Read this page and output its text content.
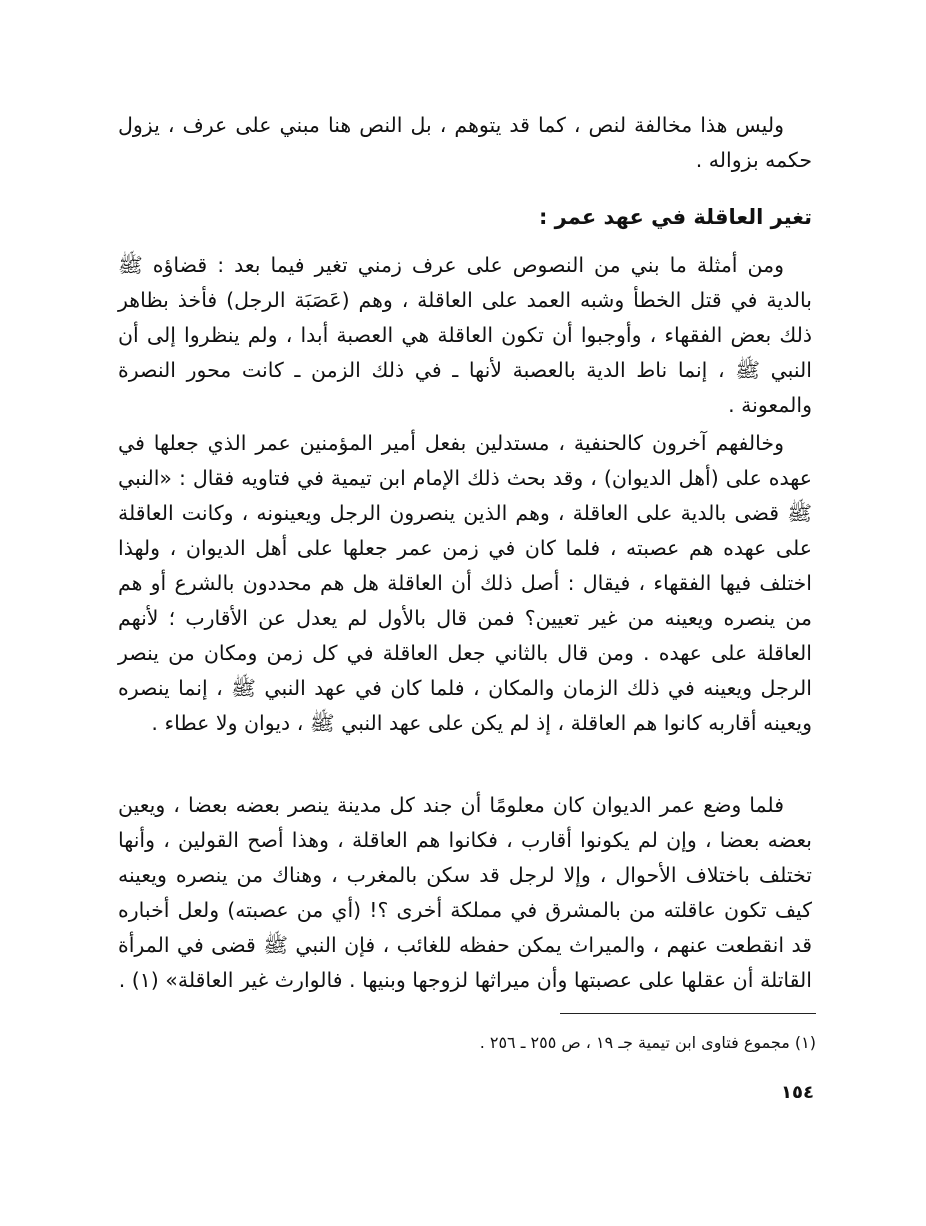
وليس هذا مخالفة لنص ، كما قد يتوهم ، بل النص هنا مبني على عرف ، يزول حكمه بزواله .

تغير العاقلة في عهد عمر :

ومن أمثلة ما بني من النصوص على عرف زمني تغير فيما بعد : قضاؤه ﷺ بالدية في قتل الخطأ وشبه العمد على العاقلة ، وهم (عَصَبَة الرجل) فأخذ بظاهر ذلك بعض الفقهاء ، وأوجبوا أن تكون العاقلة هي العصبة أبدا ، ولم ينظروا إلى أن النبي ﷺ ، إنما ناط الدية بالعصبة لأنها ـ في ذلك الزمن ـ كانت محور النصرة والمعونة .

وخالفهم آخرون كالحنفية ، مستدلين بفعل أمير المؤمنين عمر الذي جعلها في عهده على (أهل الديوان) ، وقد بحث ذلك الإمام ابن تيمية في فتاويه فقال : «النبي ﷺ قضى بالدية على العاقلة ، وهم الذين ينصرون الرجل ويعينونه ، وكانت العاقلة على عهده هم عصبته ، فلما كان في زمن عمر جعلها على أهل الديوان ، ولهذا اختلف فيها الفقهاء ، فيقال : أصل ذلك أن العاقلة هل هم محددون بالشرع أو هم من ينصره ويعينه من غير تعيين؟ فمن قال بالأول لم يعدل عن الأقارب ؛ لأنهم العاقلة على عهده . ومن قال بالثاني جعل العاقلة في كل زمن ومكان من ينصر الرجل ويعينه في ذلك الزمان والمكان ، فلما كان في عهد النبي ﷺ ، إنما ينصره ويعينه أقاربه كانوا هم العاقلة ، إذ لم يكن على عهد النبي ﷺ ، ديوان ولا عطاء .

فلما وضع عمر الديوان كان معلومًا أن جند كل مدينة ينصر بعضه بعضا ، ويعين بعضه بعضا ، وإن لم يكونوا أقارب ، فكانوا هم العاقلة ، وهذا أصح القولين ، وأنها تختلف باختلاف الأحوال ، وإلا لرجل قد سكن بالمغرب ، وهناك من ينصره ويعينه كيف تكون عاقلته من بالمشرق في مملكة أخرى ؟! (أي من عصبته) ولعل أخباره قد انقطعت عنهم ، والميراث يمكن حفظه للغائب ، فإن النبي ﷺ قضى في المرأة القاتلة أن عقلها على عصبتها وأن ميراثها لزوجها وبنيها . فالوارث غير العاقلة» (١) .

(١) مجموع فتاوى ابن تيمية جـ ١٩ ، ص ٢٥٥ ـ ٢٥٦ .
١٥٤
